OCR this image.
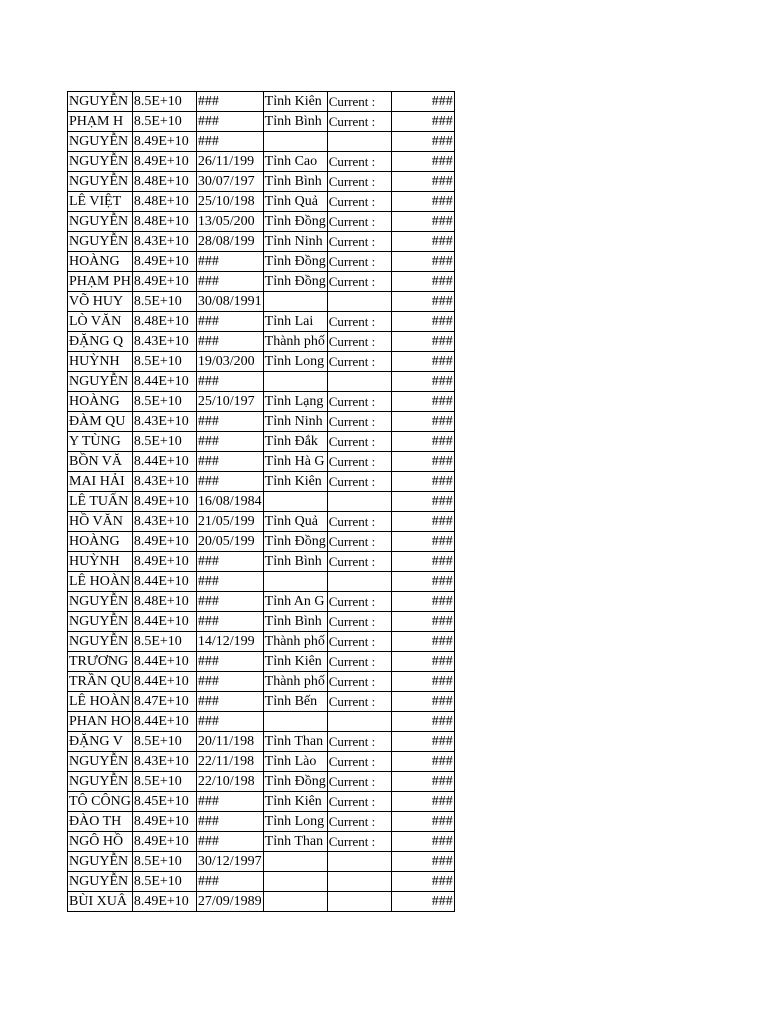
NGUYỄN	8.5E+10	###	Tỉnh Kiên	Current :	###
PHẠM H	8.5E+10	###	Tỉnh Bình	Current :	###
NGUYỄN	8.49E+10	###			###
NGUYỄN	8.49E+10	26/11/199	Tỉnh Cao	Current :	###
NGUYỄN	8.48E+10	30/07/197	Tỉnh Bình	Current :	###
LÊ VIỆT	8.48E+10	25/10/198	Tỉnh Quả	Current :	###
NGUYỄN	8.48E+10	13/05/200	Tỉnh Đồng	Current :	###
NGUYỄN	8.43E+10	28/08/199	Tỉnh Ninh	Current :	###
HOÀNG	8.49E+10	###	Tỉnh Đồng	Current :	###
PHẠM PH	8.49E+10	###	Tỉnh Đồng	Current :	###
VÕ HUY	8.5E+10	30/08/1991			###
LÒ VĂN	8.48E+10	###	Tỉnh Lai	Current :	###
ĐẶNG Q	8.43E+10	###	Thành phố	Current :	###
HUỲNH	8.5E+10	19/03/200	Tỉnh Long	Current :	###
NGUYỄN	8.44E+10	###			###
HOÀNG	8.5E+10	25/10/197	Tỉnh Lạng	Current :	###
ĐÀM QU	8.43E+10	###	Tỉnh Ninh	Current :	###
Y TÙNG	8.5E+10	###	Tỉnh Đắk	Current :	###
BỒN VĂ	8.44E+10	###	Tỉnh Hà G	Current :	###
MAI HẢI	8.43E+10	###	Tỉnh Kiên	Current :	###
LÊ TUẤN	8.49E+10	16/08/1984			###
HỒ VĂN	8.43E+10	21/05/199	Tỉnh Quả	Current :	###
HOÀNG	8.49E+10	20/05/199	Tỉnh Đồng	Current :	###
HUỲNH	8.49E+10	###	Tỉnh Bình	Current :	###
LÊ HOÀN	8.44E+10	###			###
NGUYỄN	8.48E+10	###	Tỉnh An G	Current :	###
NGUYỄN	8.44E+10	###	Tỉnh Bình	Current :	###
NGUYỄN	8.5E+10	14/12/199	Thành phố	Current :	###
TRƯƠNG	8.44E+10	###	Tỉnh Kiên	Current :	###
TRẦN QU	8.44E+10	###	Thành phố	Current :	###
LÊ HOÀN	8.47E+10	###	Tỉnh Bến	Current :	###
PHAN HO	8.44E+10	###			###
ĐẶNG V	8.5E+10	20/11/198	Tỉnh Than	Current :	###
NGUYỄN	8.43E+10	22/11/198	Tỉnh Lào	Current :	###
NGUYỄN	8.5E+10	22/10/198	Tỉnh Đồng	Current :	###
TÔ CÔNG	8.45E+10	###	Tỉnh Kiên	Current :	###
ĐÀO TH	8.49E+10	###	Tỉnh Long	Current :	###
NGÔ HỒ	8.49E+10	###	Tỉnh Than	Current :	###
NGUYỄN	8.5E+10	30/12/1997			###
NGUYỄN	8.5E+10	###			###
BÙI XUÂ	8.49E+10	27/09/1989			###
